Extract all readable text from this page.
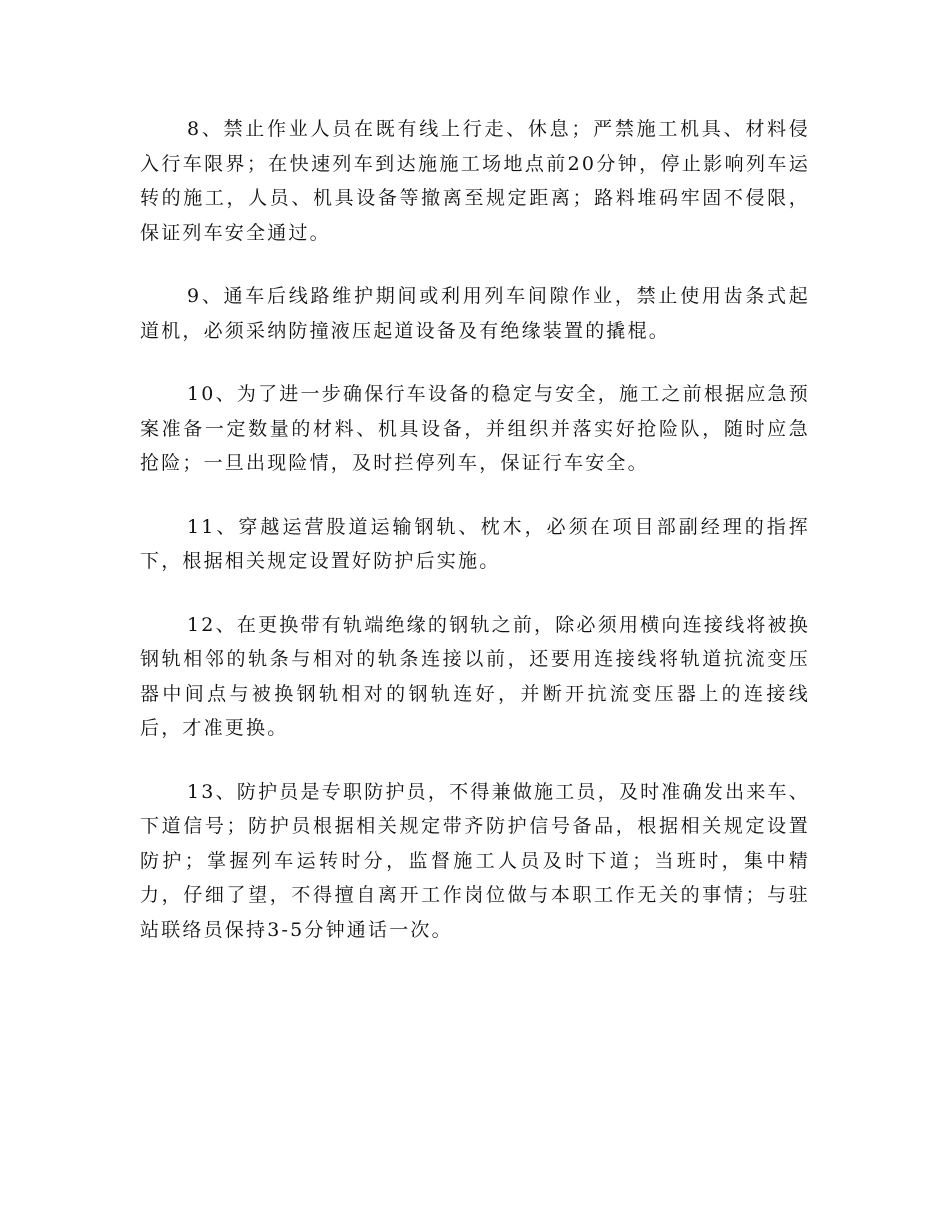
8、禁止作业人员在既有线上行走、休息；严禁施工机具、材料侵入行车限界；在快速列车到达施施工场地点前20分钟，停止影响列车运转的施工，人员、机具设备等撤离至规定距离；路料堆码牢固不侵限，保证列车安全通过。

9、通车后线路维护期间或利用列车间隙作业，禁止使用齿条式起道机，必须采纳防撞液压起道设备及有绝缘装置的撬棍。

10、为了进一步确保行车设备的稳定与安全，施工之前根据应急预案准备一定数量的材料、机具设备，并组织并落实好抢险队，随时应急抢险；一旦出现险情，及时拦停列车，保证行车安全。

11、穿越运营股道运输钢轨、枕木，必须在项目部副经理的指挥下，根据相关规定设置好防护后实施。

12、在更换带有轨端绝缘的钢轨之前，除必须用横向连接线将被换钢轨相邻的轨条与相对的轨条连接以前，还要用连接线将轨道抗流变压器中间点与被换钢轨相对的钢轨连好，并断开抗流变压器上的连接线后，才准更换。

13、防护员是专职防护员，不得兼做施工员，及时准确发出来车、下道信号；防护员根据相关规定带齐防护信号备品，根据相关规定设置防护；掌握列车运转时分，监督施工人员及时下道；当班时，集中精力，仔细了望，不得擅自离开工作岗位做与本职工作无关的事情；与驻站联络员保持3-5分钟通话一次。
